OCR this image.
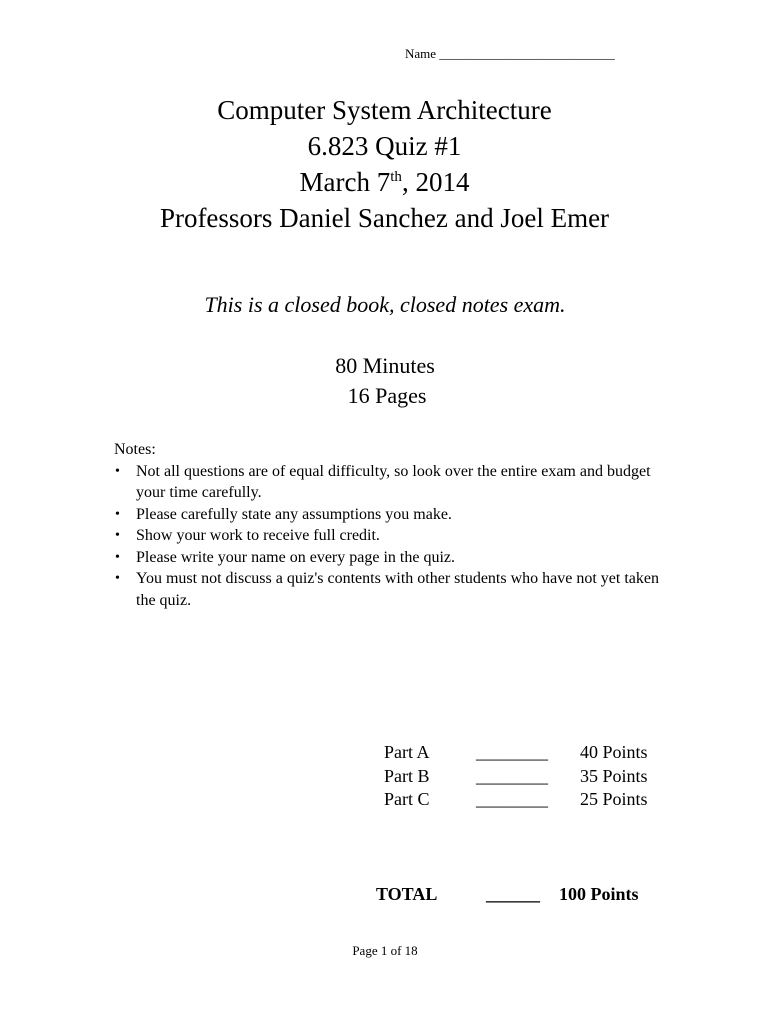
Name ___________________________
Computer System Architecture
6.823 Quiz #1
March 7th, 2014
Professors Daniel Sanchez and Joel Emer
This is a closed book, closed notes exam.
80 Minutes
16 Pages
Notes:
• Not all questions are of equal difficulty, so look over the entire exam and budget your time carefully.
• Please carefully state any assumptions you make.
• Show your work to receive full credit.
• Please write your name on every page in the quiz.
• You must not discuss a quiz's contents with other students who have not yet taken the quiz.
Part A	________ 40 Points
Part B	________ 35 Points
Part C	________ 25 Points
TOTAL	______ 100 Points
Page 1 of 18
